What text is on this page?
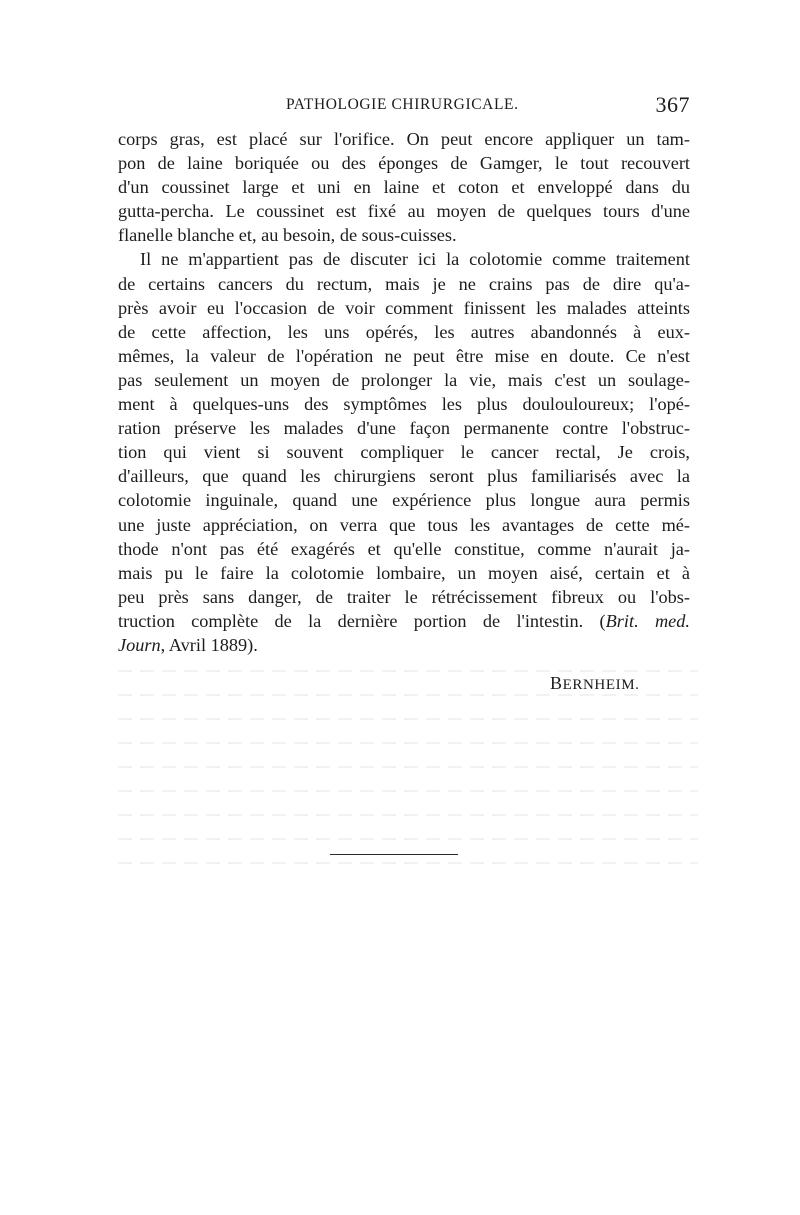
PATHOLOGIE CHIRURGICALE.	367
corps gras, est placé sur l'orifice. On peut encore appliquer un tam-
pon de laine boriquée ou des éponges de Gamger, le tout recouvert
d'un coussinet large et uni en laine et coton et enveloppé dans du
gutta-percha. Le coussinet est fixé au moyen de quelques tours d'une
flanelle blanche et, au besoin, de sous-cuisses.
Il ne m'appartient pas de discuter ici la colotomie comme traitement
de certains cancers du rectum, mais je ne crains pas de dire qu'a-
près avoir eu l'occasion de voir comment finissent les malades atteints
de cette affection, les uns opérés, les autres abandonnés à eux-
mêmes, la valeur de l'opération ne peut être mise en doute. Ce n'est
pas seulement un moyen de prolonger la vie, mais c'est un soulage-
ment à quelques-uns des symptômes les plus doulouloureux; l'opé-
ration préserve les malades d'une façon permanente contre l'obstruc-
tion qui vient si souvent compliquer le cancer rectal, Je crois,
d'ailleurs, que quand les chirurgiens seront plus familiarisés avec la
colotomie inguinale, quand une expérience plus longue aura permis
une juste appréciation, on verra que tous les avantages de cette mé-
thode n'ont pas été exagérés et qu'elle constitue, comme n'aurait ja-
mais pu le faire la colotomie lombaire, un moyen aisé, certain et à
peu près sans danger, de traiter le rétrécissement fibreux ou l'obs-
truction complète de la dernière portion de l'intestin. (Brit. med.
Journ, Avril 1889).
BERNHEIM.
